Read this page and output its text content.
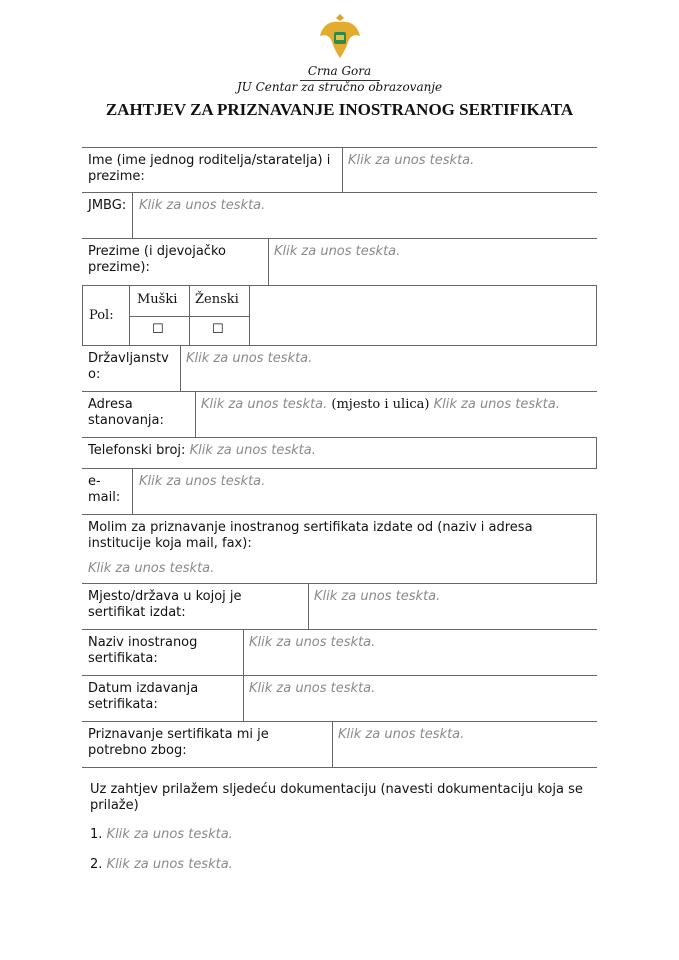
Crna Gora
JU Centar za stručno obrazovanje
ZAHTJEV ZA PRIZNAVANJE INOSTRANOG SERTIFIKATA
Ime (ime jednog roditelja/staratelja) i prezime:
Klik za unos teskta.
JMBG: Klik za unos teskta.
Prezime (i djevojačko prezime):
Klik za unos teskta.
Pol:
Muški Ženski
☐	☐
Državljanstvo:
Klik za unos teskta.
Adresa stanovanja:
Klik za unos teskta. (mjesto i ulica) Klik za unos teskta.
Telefonski broj: Klik za unos teskta.
e-mail:
Klik za unos teskta.
Molim za priznavanje inostranog sertifikata izdate od (naziv i adresa institucije koja mail, fax):
Klik za unos teskta.
Mjesto/država u kojoj je sertifikat izdat:
Klik za unos teskta.
Naziv inostranog sertifikata:
Klik za unos teskta.
Datum izdavanja setrifikata:
Klik za unos teskta.
Priznavanje sertifikata mi je potrebno zbog:
Klik za unos teskta.
Uz zahtjev prilažem sljedeću dokumentaciju (navesti dokumentaciju koja se prilaže)
1. Klik za unos teskta.
2. Klik za unos teskta.
